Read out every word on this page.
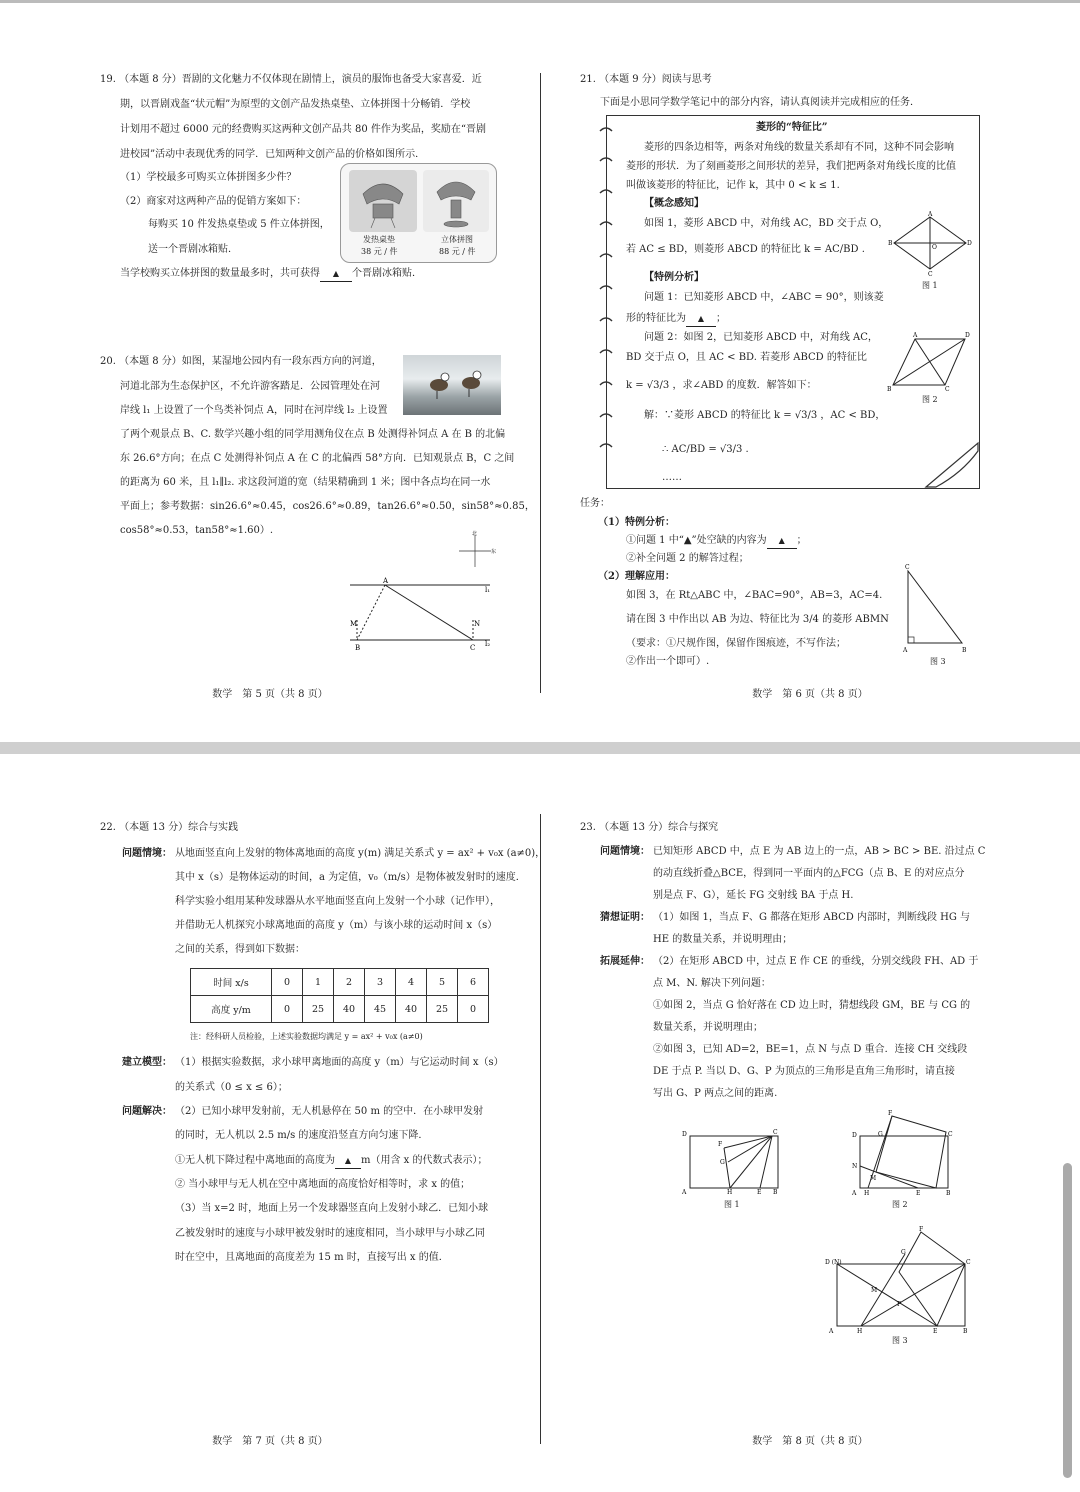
19. （本题 8 分）晋剧的文化魅力不仅体现在剧情上，演员的服饰也备受大家喜爱．近
期，以晋剧戏盔“状元帽”为原型的文创产品发热桌垫、立体拼图十分畅销．学校
计划用不超过 6000 元的经费购买这两种文创产品共 80 件作为奖品，奖励在“晋剧
进校园”活动中表现优秀的同学．已知两种文创产品的价格如图所示．
（1）学校最多可购买立体拼图多少件？
（2）商家对这两种产品的促销方案如下：
每购买 10 件发热桌垫或 5 件立体拼图，
送一个晋剧冰箱贴．
当学校购买立体拼图的数量最多时，共可获得 ▲ 个晋剧冰箱贴．
发热桌垫
38 元 / 件
立体拼图
88 元 / 件
20. （本题 8 分）如图，某湿地公园内有一段东西方向的河道，
河道北部为生态保护区，不允许游客踏足．公园管理处在河
岸线 l₁ 上设置了一个鸟类补饲点 A，同时在河岸线 l₂ 上设置
了两个观景点 B、C. 数学兴趣小组的同学用测角仪在点 B 处测得补饲点 A 在 B 的北偏
东 26.6°方向；在点 C 处测得补饲点 A 在 C 的北偏西 58°方向．已知观景点 B，C 之间
的距离为 60 米，且 l₁∥l₂. 求这段河道的宽（结果精确到 1 米；图中各点均在同一水
平面上；参考数据：sin26.6°≈0.45，cos26.6°≈0.89，tan26.6°≈0.50，sin58°≈0.85，
cos58°≈0.53，tan58°≈1.60）.	北
东
A
l₁
l₂
B	C
M	N
数学　第 5 页（共 8 页）
21. （本题 9 分）阅读与思考
下面是小思同学数学笔记中的部分内容，请认真阅读并完成相应的任务．
菱形的“特征比”
菱形的四条边相等，两条对角线的数量关系却有不同，这种不同会影响
菱形的形状．为了刻画菱形之间形状的差异，我们把两条对角线长度的比值
叫做该菱形的特征比，记作 k，其中 0 < k ≤ 1.
【概念感知】
如图 1，菱形 ABCD 中，对角线 AC，BD 交于点 O，
若 AC ≤ BD，则菱形 ABCD 的特征比 k = AC/BD .
【特例分析】
问题 1：已知菱形 ABCD 中，∠ABC = 90°，则该菱
形的特征比为 ▲ ；
问题 2：如图 2，已知菱形 ABCD 中，对角线 AC，
BD 交于点 O，且 AC < BD. 若菱形 ABCD 的特征比
k = √3/3 ，求∠ABD 的度数．解答如下：
解：∵菱形 ABCD 的特征比 k = √3/3 ，AC < BD，
∴ AC/BD = √3/3 .
……
A
B	D
C
O
图 1
A	D
B	C
图 2
任务：
（1）特例分析：
①问题 1 中“▲”处空缺的内容为 ▲ ；
②补全问题 2 的解答过程；
（2）理解应用：
如图 3，在 Rt△ABC 中，∠BAC=90°，AB=3，AC=4.
请在图 3 中作出以 AB 为边、特征比为 3/4 的菱形 ABMN
（要求：①尺规作图，保留作图痕迹，不写作法；
②作出一个即可）.
C
A	B
图 3
数学　第 6 页（共 8 页）
22. （本题 13 分）综合与实践
问题情境： 从地面竖直向上发射的物体离地面的高度 y(m) 满足关系式 y = ax² + v₀x (a≠0)，
其中 x（s）是物体运动的时间，a 为定值，v₀（m/s）是物体被发射时的速度．
科学实验小组用某种发球器从水平地面竖直向上发射一个小球（记作甲），
并借助无人机探究小球离地面的高度 y（m）与该小球的运动时间 x（s）
之间的关系，得到如下数据：
时间 x/s	0	1	2	3	4	5	6
高度 y/m	0	25	40	45	40	25	0
注：经科研人员检验，上述实验数据均满足 y = ax² + v₀x (a≠0)
建立模型： （1）根据实验数据，求小球甲离地面的高度 y（m）与它运动时间 x（s）
的关系式（0 ≤ x ≤ 6）；
问题解决： （2）已知小球甲发射前，无人机悬停在 50 m 的空中．在小球甲发射
的同时，无人机以 2.5 m/s 的速度沿竖直方向匀速下降．
①无人机下降过程中离地面的高度为 ▲ m（用含 x 的代数式表示）；
② 当小球甲与无人机在空中离地面的高度恰好相等时，求 x 的值；
（3）当 x=2 时，地面上另一个发球器竖直向上发射小球乙．已知小球
乙被发射时的速度与小球甲被发射时的速度相同，当小球甲与小球乙同
时在空中，且离地面的高度差为 15 m 时，直接写出 x 的值．
数学　第 7 页（共 8 页）
23. （本题 13 分）综合与探究
问题情境： 已知矩形 ABCD 中，点 E 为 AB 边上的一点，AB > BC > BE. 沿过点 C
的动直线折叠△BCE，得到同一平面内的△FCG（点 B、E 的对应点分
别是点 F、G），延长 FG 交射线 BA 于点 H.
猜想证明： （1）如图 1，当点 F、G 都落在矩形 ABCD 内部时，判断线段 HG 与
HE 的数量关系，并说明理由；
拓展延伸： （2）在矩形 ABCD 中，过点 E 作 CE 的垂线，分别交线段 FH、AD 于
点 M、N. 解决下列问题：
①如图 2，当点 G 恰好落在 CD 边上时，猜想线段 GM，BE 与 CG 的
数量关系，并说明理由；
②如图 3，已知 AD=2，BE=1，点 N 与点 D 重合．连接 CH 交线段
DE 于点 P. 当以 D、G、P 为顶点的三角形是直角三角形时，请直接
写出 G、P 两点之间的距离.
D	C
A	H	E B
F
G
图 1
F
G
D	C
N
M
A H	E	B
图 2
F
G
D (N)	C
M
P
A	H	E	B
图 3
数学　第 8 页（共 8 页）
